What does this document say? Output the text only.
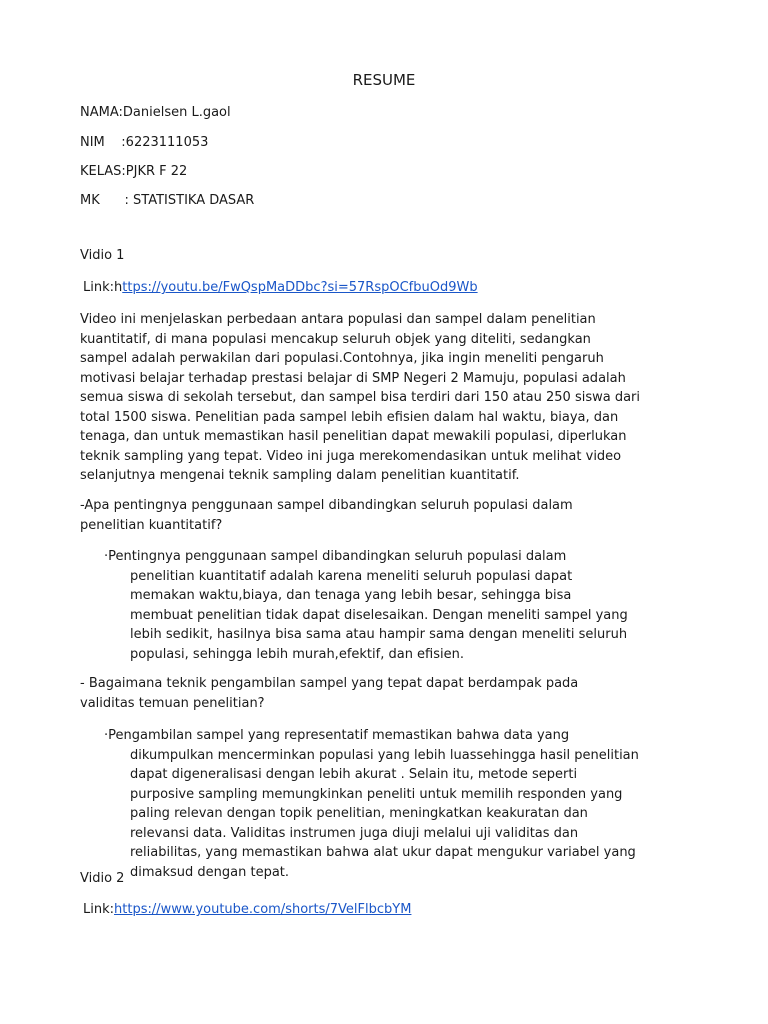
RESUME
NAMA:Danielsen L.gaol
NIM    :6223111053
KELAS:PJKR F 22
MK      : STATISTIKA DASAR
Vidio 1
Link:https://youtu.be/FwQspMaDDbc?si=57RspOCfbuOd9Wb
Video ini menjelaskan perbedaan antara populasi dan sampel dalam penelitian kuantitatif, di mana populasi mencakup seluruh objek yang diteliti, sedangkan sampel adalah perwakilan dari populasi.Contohnya, jika ingin meneliti pengaruh motivasi belajar terhadap prestasi belajar di SMP Negeri 2 Mamuju, populasi adalah semua siswa di sekolah tersebut, dan sampel bisa terdiri dari 150 atau 250 siswa dari total 1500 siswa. Penelitian pada sampel lebih efisien dalam hal waktu, biaya, dan tenaga, dan untuk memastikan hasil penelitian dapat mewakili populasi, diperlukan teknik sampling yang tepat. Video ini juga merekomendasikan untuk melihat video selanjutnya mengenai teknik sampling dalam penelitian kuantitatif.
-Apa pentingnya penggunaan sampel dibandingkan seluruh populasi dalam penelitian kuantitatif?
·Pentingnya penggunaan sampel dibandingkan seluruh populasi dalam penelitian kuantitatif adalah karena meneliti seluruh populasi dapat memakan waktu,biaya, dan tenaga yang lebih besar, sehingga bisa membuat penelitian tidak dapat diselesaikan. Dengan meneliti sampel yang lebih sedikit, hasilnya bisa sama atau hampir sama dengan meneliti seluruh populasi, sehingga lebih murah,efektif, dan efisien.
- Bagaimana teknik pengambilan sampel yang tepat dapat berdampak pada validitas temuan penelitian?
·Pengambilan sampel yang representatif memastikan bahwa data yang dikumpulkan mencerminkan populasi yang lebih luassehingga hasil penelitian dapat digeneralisasi dengan lebih akurat . Selain itu, metode seperti purposive sampling memungkinkan peneliti untuk memilih responden yang paling relevan dengan topik penelitian, meningkatkan keakuratan dan relevansi data. Validitas instrumen juga diuji melalui uji validitas dan reliabilitas, yang memastikan bahwa alat ukur dapat mengukur variabel yang dimaksud dengan tepat.
Vidio 2
Link:https://www.youtube.com/shorts/7VelFlbcbYM
